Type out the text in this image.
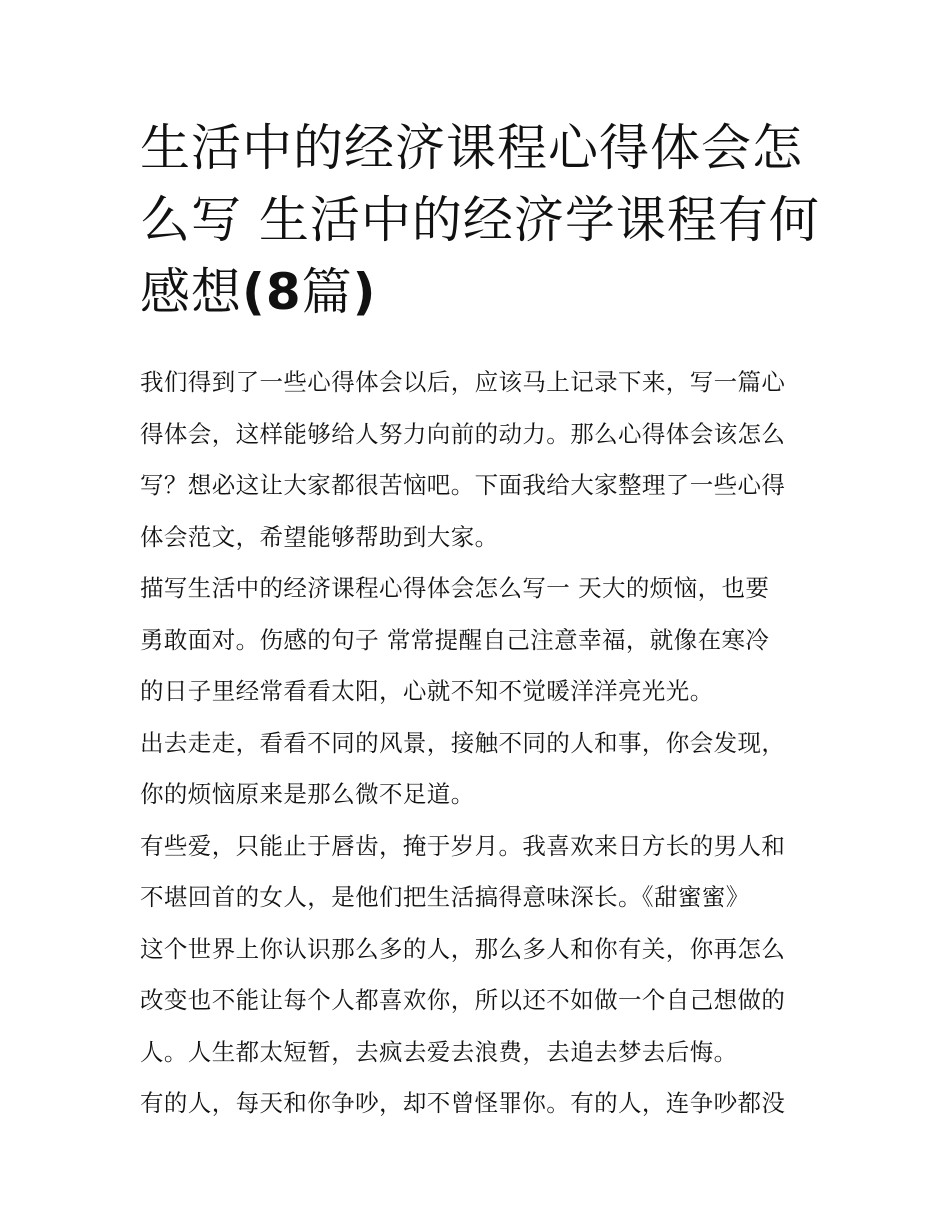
生活中的经济课程心得体会怎
么写 生活中的经济学课程有何
感想(8篇)
我们得到了一些心得体会以后，应该马上记录下来，写一篇心
得体会，这样能够给人努力向前的动力。那么心得体会该怎么
写？想必这让大家都很苦恼吧。下面我给大家整理了一些心得
体会范文，希望能够帮助到大家。
描写生活中的经济课程心得体会怎么写一 天大的烦恼，也要
勇敢面对。伤感的句子 常常提醒自己注意幸福，就像在寒冷
的日子里经常看看太阳，心就不知不觉暖洋洋亮光光。
出去走走，看看不同的风景，接触不同的人和事，你会发现，
你的烦恼原来是那么微不足道。
有些爱，只能止于唇齿，掩于岁月。我喜欢来日方长的男人和
不堪回首的女人，是他们把生活搞得意味深长。《甜蜜蜜》
这个世界上你认识那么多的人，那么多人和你有关，你再怎么
改变也不能让每个人都喜欢你，所以还不如做一个自己想做的
人。人生都太短暂，去疯去爱去浪费，去追去梦去后悔。
有的人，每天和你争吵，却不曾怪罪你。有的人，连争吵都没
